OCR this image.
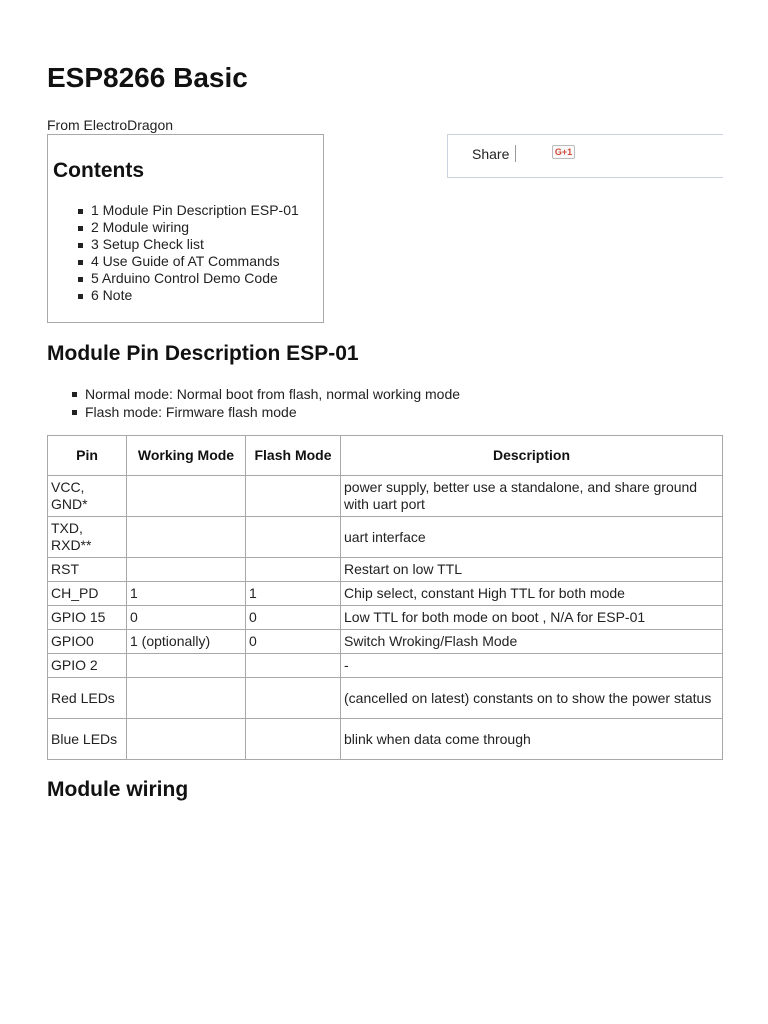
ESP8266 Basic
From ElectroDragon
Contents
1 Module Pin Description ESP-01
2 Module wiring
3 Setup Check list
4 Use Guide of AT Commands
5 Arduino Control Demo Code
6 Note
Share	G+1
Module Pin Description ESP-01
Normal mode: Normal boot from flash, normal working mode
Flash mode: Firmware flash mode
Pin	Working Mode	Flash Mode	Description
VCC, GND*			power supply, better use a standalone, and share ground with uart port
TXD, RXD**			uart interface
RST			Restart on low TTL
CH_PD	1	1	Chip select, constant High TTL for both mode
GPIO 15	0	0	Low TTL for both mode on boot , N/A for ESP-01
GPIO0	1 (optionally)	0	Switch Wroking/Flash Mode
GPIO 2			-
Red LEDs			(cancelled on latest) constants on to show the power status
Blue LEDs			blink when data come through
Module wiring
